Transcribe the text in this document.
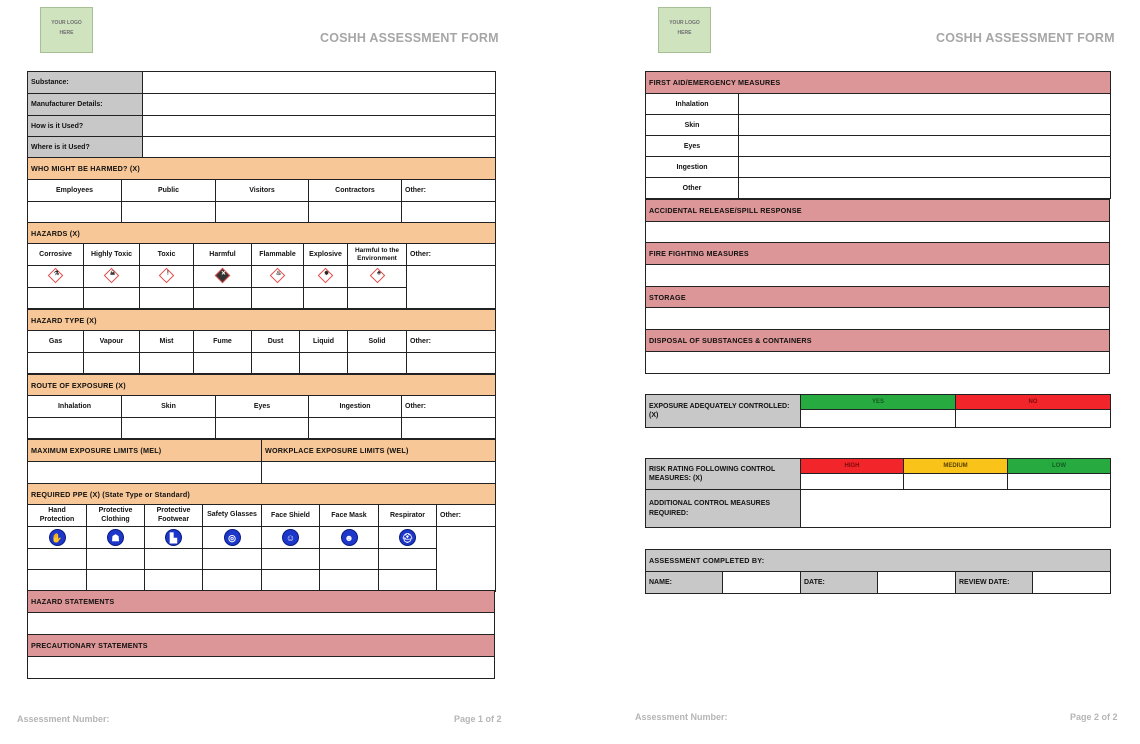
YOUR LOGO
HERE	COSHH ASSESSMENT FORM
Substance:	
Manufacturer Details:	
How is it Used?	
Where is it Used?	
WHO MIGHT BE HARMED? (X)				
Employees	Public	Visitors	Contractors	Other:

HAZARDS (X)							
Corrosive	Highly Toxic	Toxic	Harmful	Flammable	Explosive	Harmful to the Environment	Other:

⚗	☠	!	✕	♨	✸	♣	

HAZARD TYPE (X)							
Gas	Vapour	Mist	Fume	Dust	Liquid	Solid	Other:

ROUTE OF EXPOSURE (X)				
Inhalation	Skin	Eyes	Ingestion	Other:

MAXIMUM EXPOSURE LIMITS (MEL)	WORKPLACE EXPOSURE LIMITS (WEL)

REQUIRED PPE (X) (State Type or Standard)							
Hand Protection	Protective Clothing	Protective Footwear	Safety Glasses	Face Shield	Face Mask	Respirator	Other:
✋	☗	▙	◎	☺	☻	⛑	

HAZARD STATEMENTS

PRECAUTIONARY STATEMENTS

Assessment Number:	Page 1 of 2
YOUR LOGO
HERE	COSHH ASSESSMENT FORM
FIRST AID/EMERGENCY MEASURES	
Inhalation	
Skin	
Eyes	
Ingestion	
Other	
ACCIDENTAL RELEASE/SPILL RESPONSE

FIRE FIGHTING MEASURES

STORAGE

DISPOSAL OF SUBSTANCES & CONTAINERS

EXPOSURE ADEQUATELY CONTROLLED: (X)	YES	NO

RISK RATING FOLLOWING CONTROL MEASURES: (X)	HIGH	MEDIUM	LOW

ADDITIONAL CONTROL MEASURES REQUIRED:			
ASSESSMENT COMPLETED BY:
NAME:		DATE:		REVIEW DATE:	
Assessment Number:	Page 2 of 2
